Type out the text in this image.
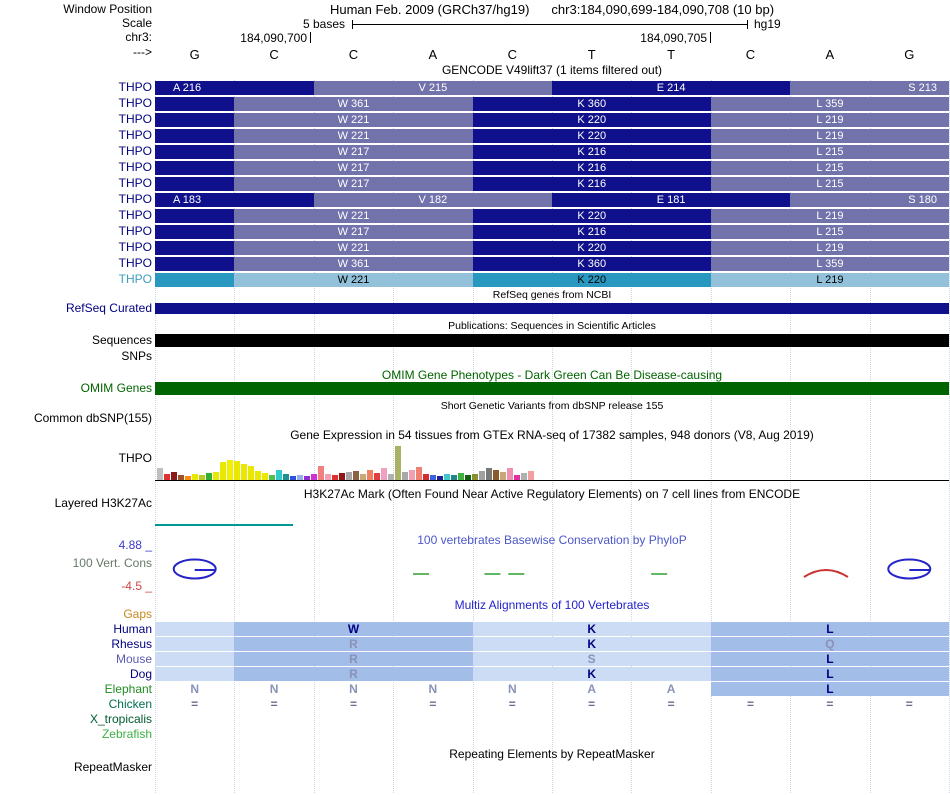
Window Position	Human Feb. 2009 (GRCh37/hg19) chr3:184,090,699-184,090,708 (10 bp)
Scale	5 bases	hg19
chr3:	184,090,700	184,090,705
--->
GENCODE V49lift37 (1 items filtered out)
RefSeq genes from NCBI
RefSeq Curated
Publications: Sequences in Scientific Articles
Sequences
SNPs
OMIM Gene Phenotypes - Dark Green Can Be Disease-causing
OMIM Genes
Short Genetic Variants from dbSNP release 155
Common dbSNP(155)
Gene Expression in 54 tissues from GTEx RNA-seq of 17382 samples, 948 donors (V8, Aug 2019)
THPO
H3K27Ac Mark (Often Found Near Active Regulatory Elements) on 7 cell lines from ENCODE
Layered H3K27Ac
100 vertebrates Basewise Conservation by PhyloP
4.88 _
100 Vert. Cons
-4.5 _
Multiz Alignments of 100 Vertebrates
Gaps
Repeating Elements by RepeatMasker
RepeatMasker
G	C	C	A	C	T	T	C	A	G
THPO	A 216	V 215	E 214	S 213
THPO	W 361	K 360	L 359
THPO	W 221	K 220	L 219
THPO	W 221	K 220	L 219
THPO	W 217	K 216	L 215
THPO	W 217	K 216	L 215
THPO	W 217	K 216	L 215
THPO	A 183	V 182	E 181	S 180
THPO	W 221	K 220	L 219
THPO	W 217	K 216	L 215
THPO	W 221	K 220	L 219
THPO	W 361	K 360	L 359
THPO	W 221	K 220	L 219
Human	W	K	L
Rhesus	R	K	Q
Mouse	R	S	L
Dog	R	K	L
Elephant	N	N	N	N	N	A	A	L
Chicken	=	=	=	=	=	=	=	=	=	=
X_tropicalis
Zebrafish
